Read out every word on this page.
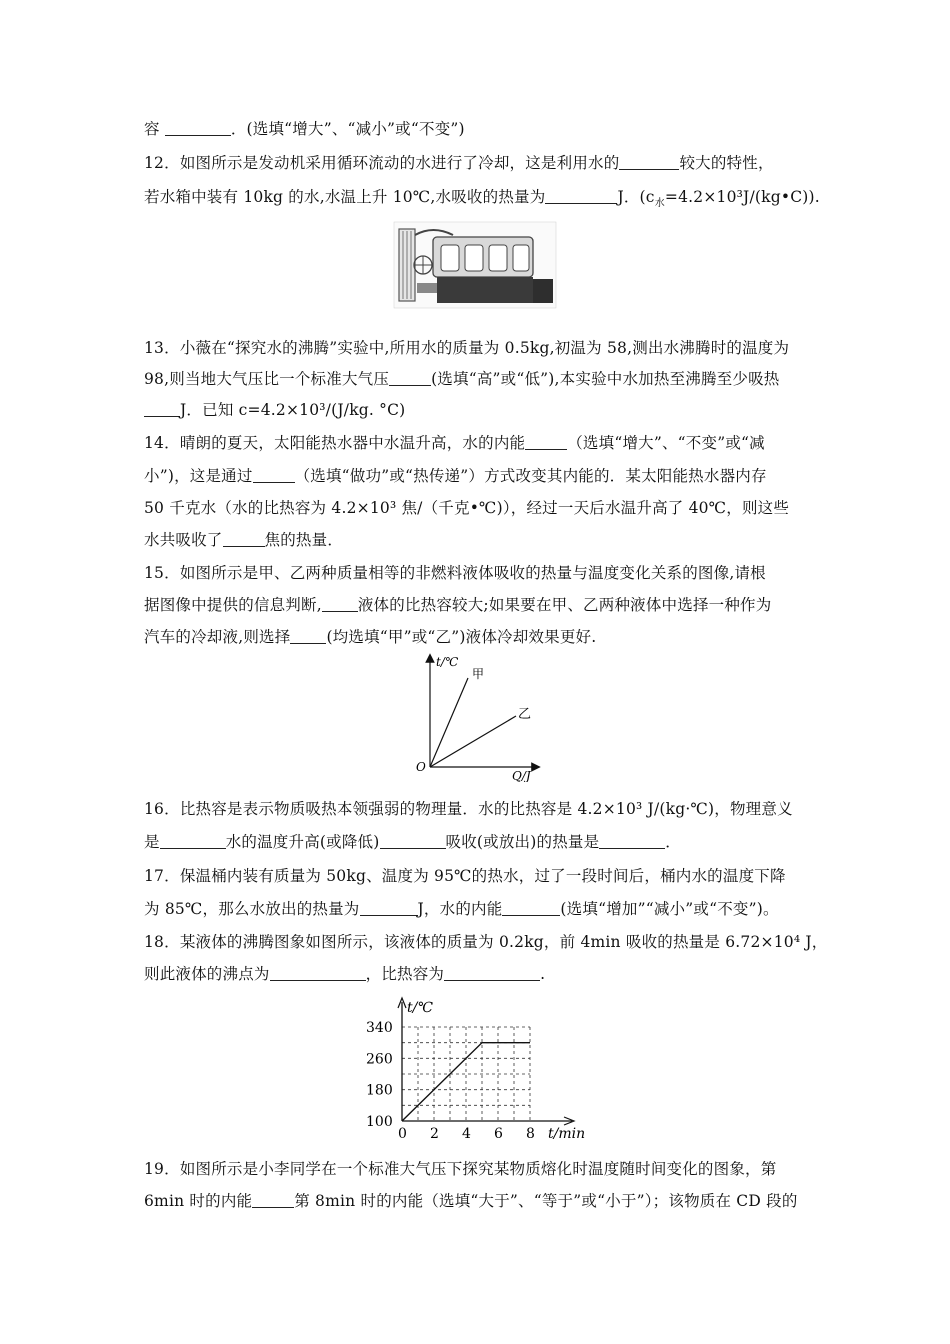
容	．(选填“增大”、“减小”或“不变”)
12．如图所示是发动机采用循环流动的水进行了冷却，这是利用水的	较大的特性，
若水箱中装有 10kg 的水,水温上升 10℃,水吸收的热量为	J．$(c_水=4.2\times 10^3J/(kg•C))$.
13．小薇在“探究水的沸腾”实验中,所用水的质量为 0.5kg,初温为 58,测出水沸腾时的温度为
98,则当地大气压比一个标准大气压	(选填“高”或“低”),本实验中水加热至沸腾至少吸热
J．已知 c=4.2×10³/(J/kg. °C)
14．晴朗的夏天，太阳能热水器中水温升高，水的内能	（选填“增大”、“不变”或“减
小”)，这是通过	（选填“做功”或“热传递”）方式改变其内能的．某太阳能热水器内存
50 千克水（水的比热容为 4.2×10³ 焦/（千克•℃)），经过一天后水温升高了 40℃，则这些
水共吸收了	焦的热量．
15．如图所示是甲、乙两种质量相等的非燃料液体吸收的热量与温度变化关系的图像,请根
据图像中提供的信息判断, 液体的比热容较大;如果要在甲、乙两种液体中选择一种作为
汽车的冷却液,则选择 (均选填“甲”或“乙”)液体冷却效果更好.
t/℃
甲
乙
O
Q/J
16．比热容是表示物质吸热本领强弱的物理量．水的比热容是 4.2×10³ J/(kg·℃)，物理意义
是	水的温度升高(或降低)	吸收(或放出)的热量是	．
17．保温桶内装有质量为 50kg、温度为 95℃的热水，过了一段时间后，桶内水的温度下降
为 85℃，那么水放出的热量为	J，水的内能	(选填“增加”“减小”或“不变”)。
18．某液体的沸腾图象如图所示，该液体的质量为 0.2kg，前 4min 吸收的热量是 6.72×10⁴ J，
则此液体的沸点为	，比热容为	.
0 2 4 6 8
100
180
260
340
t/℃
t/min
19．如图所示是小李同学在一个标准大气压下探究某物质熔化时温度随时间变化的图象，第
6min 时的内能	第 8min 时的内能（选填“大于”、“等于”或“小于”）；该物质在 CD 段的
